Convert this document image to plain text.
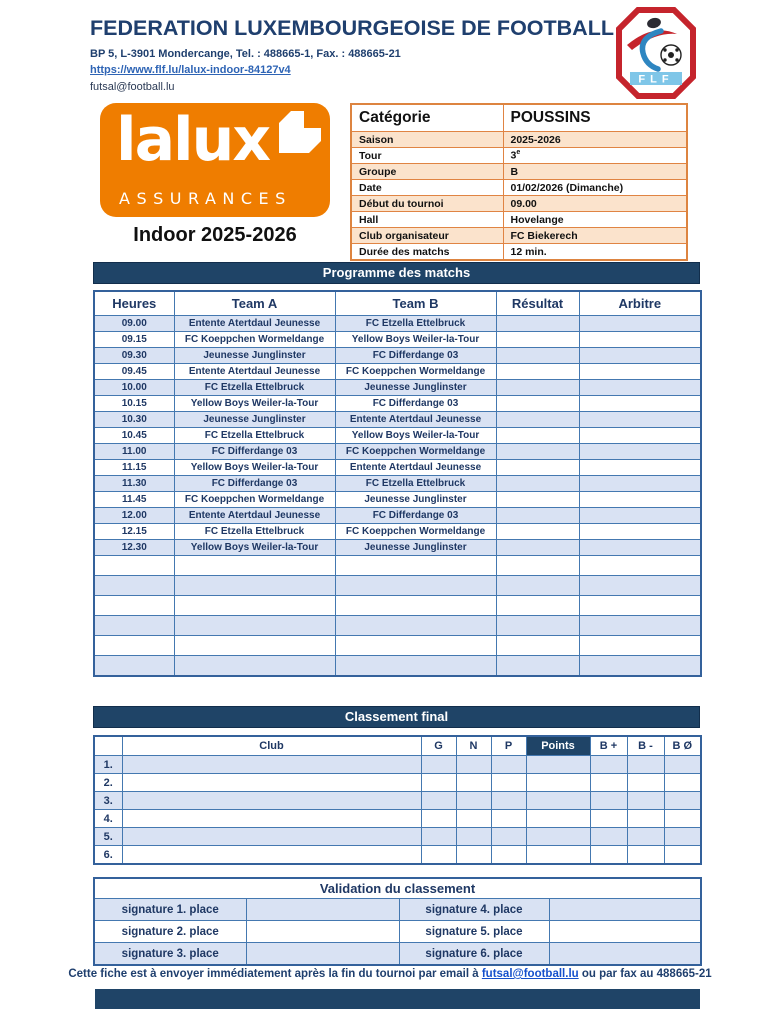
FEDERATION LUXEMBOURGEOISE DE FOOTBALL
BP 5, L-3901 Mondercange, Tel. : 488665-1, Fax. : 488665-21
https://www.flf.lu/lalux-indoor-84127v4
futsal@football.lu
FLF
lalux
ASSURANCES
Indoor 2025-2026
Catégorie	POUSSINS
Saison	2025-2026
Tour	3e
Groupe	B
Date	01/02/2026 (Dimanche)
Début du tournoi	09.00
Hall	Hovelange
Club organisateur	FC Biekerech
Durée des matchs	12 min.
Programme des matchs
Heures	Team A	Team B	Résultat	Arbitre
09.00	Entente Atertdaul Jeunesse	FC Etzella Ettelbruck		
09.15	FC Koeppchen Wormeldange	Yellow Boys Weiler-la-Tour		
09.30	Jeunesse Junglinster	FC Differdange 03		
09.45	Entente Atertdaul Jeunesse	FC Koeppchen Wormeldange		
10.00	FC Etzella Ettelbruck	Jeunesse Junglinster		
10.15	Yellow Boys Weiler-la-Tour	FC Differdange 03		
10.30	Jeunesse Junglinster	Entente Atertdaul Jeunesse		
10.45	FC Etzella Ettelbruck	Yellow Boys Weiler-la-Tour		
11.00	FC Differdange 03	FC Koeppchen Wormeldange		
11.15	Yellow Boys Weiler-la-Tour	Entente Atertdaul Jeunesse		
11.30	FC Differdange 03	FC Etzella Ettelbruck		
11.45	FC Koeppchen Wormeldange	Jeunesse Junglinster		
12.00	Entente Atertdaul Jeunesse	FC Differdange 03		
12.15	FC Etzella Ettelbruck	FC Koeppchen Wormeldange		
12.30	Yellow Boys Weiler-la-Tour	Jeunesse Junglinster		

Classement final
	Club	G	N	P	Points	B +	B -	B Ø
1.								
2.								
3.								
4.								
5.								
6.								
Validation du classement			
signature 1. place		signature 4. place	
signature 2. place		signature 5. place	
signature 3. place		signature 6. place	
Cette fiche est à envoyer immédiatement après la fin du tournoi par email à futsal@football.lu ou par fax au 488665-21
